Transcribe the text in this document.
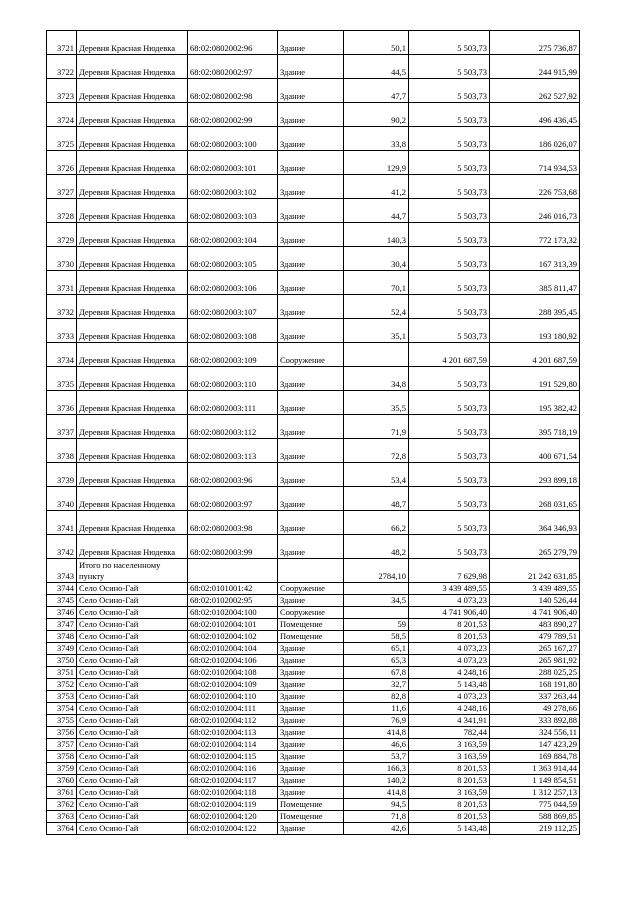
3721	Деревня Красная Нюдевка	68:02:0802002:96	Здание	50,1	5 503,73	275 736,87
3722	Деревня Красная Нюдевка	68:02:0802002:97	Здание	44,5	5 503,73	244 915,99
3723	Деревня Красная Нюдевка	68:02:0802002:98	Здание	47,7	5 503,73	262 527,92
3724	Деревня Красная Нюдевка	68:02:0802002:99	Здание	90,2	5 503,73	496 436,45
3725	Деревня Красная Нюдевка	68:02:0802003:100	Здание	33,8	5 503,73	186 026,07
3726	Деревня Красная Нюдевка	68:02:0802003:101	Здание	129,9	5 503,73	714 934,53
3727	Деревня Красная Нюдевка	68:02:0802003:102	Здание	41,2	5 503,73	226 753,68
3728	Деревня Красная Нюдевка	68:02:0802003:103	Здание	44,7	5 503,73	246 016,73
3729	Деревня Красная Нюдевка	68:02:0802003:104	Здание	140,3	5 503,73	772 173,32
3730	Деревня Красная Нюдевка	68:02:0802003:105	Здание	30,4	5 503,73	167 313,39
3731	Деревня Красная Нюдевка	68:02:0802003:106	Здание	70,1	5 503,73	385 811,47
3732	Деревня Красная Нюдевка	68:02:0802003:107	Здание	52,4	5 503,73	288 395,45
3733	Деревня Красная Нюдевка	68:02:0802003:108	Здание	35,1	5 503,73	193 180,92
3734	Деревня Красная Нюдевка	68:02:0802003:109	Сооружение		4 201 687,59	4 201 687,59
3735	Деревня Красная Нюдевка	68:02:0802003:110	Здание	34,8	5 503,73	191 529,80
3736	Деревня Красная Нюдевка	68:02:0802003:111	Здание	35,5	5 503,73	195 382,42
3737	Деревня Красная Нюдевка	68:02:0802003:112	Здание	71,9	5 503,73	395 718,19
3738	Деревня Красная Нюдевка	68:02:0802003:113	Здание	72,8	5 503,73	400 671,54
3739	Деревня Красная Нюдевка	68:02:0802003:96	Здание	53,4	5 503,73	293 899,18
3740	Деревня Красная Нюдевка	68:02:0802003:97	Здание	48,7	5 503,73	268 031,65
3741	Деревня Красная Нюдевка	68:02:0802003:98	Здание	66,2	5 503,73	364 346,93
3742	Деревня Красная Нюдевка	68:02:0802003:99	Здание	48,2	5 503,73	265 279,79
3743	Итого по населенному пункту			2784,10	7 629,98	21 242 631,85
3744	Село Осино-Гай	68:02:0101001:42	Сооружение		3 439 489,55	3 439 489,55
3745	Село Осино-Гай	68:02:0102002:95	Здание	34,5	4 073,23	140 526,44
3746	Село Осино-Гай	68:02:0102004:100	Сооружение		4 741 906,40	4 741 906,40
3747	Село Осино-Гай	68:02:0102004:101	Помещение	59	8 201,53	483 890,27
3748	Село Осино-Гай	68:02:0102004:102	Помещение	58,5	8 201,53	479 789,51
3749	Село Осино-Гай	68:02:0102004:104	Здание	65,1	4 073,23	265 167,27
3750	Село Осино-Гай	68:02:0102004:106	Здание	65,3	4 073,23	265 981,92
3751	Село Осино-Гай	68:02:0102004:108	Здание	67,8	4 248,16	288 025,25
3752	Село Осино-Гай	68:02:0102004:109	Здание	32,7	5 143,48	168 191,80
3753	Село Осино-Гай	68:02:0102004:110	Здание	82,8	4 073,23	337 263,44
3754	Село Осино-Гай	68:02:0102004:111	Здание	11,6	4 248,16	49 278,66
3755	Село Осино-Гай	68:02:0102004:112	Здание	76,9	4 341,91	333 892,88
3756	Село Осино-Гай	68:02:0102004:113	Здание	414,8	782,44	324 556,11
3757	Село Осино-Гай	68:02:0102004:114	Здание	46,6	3 163,59	147 423,29
3758	Село Осино-Гай	68:02:0102004:115	Здание	53,7	3 163,59	169 884,78
3759	Село Осино-Гай	68:02:0102004:116	Здание	166,3	8 201,53	1 363 914,44
3760	Село Осино-Гай	68:02:0102004:117	Здание	140,2	8 201,53	1 149 854,51
3761	Село Осино-Гай	68:02:0102004:118	Здание	414,8	3 163,59	1 312 257,13
3762	Село Осино-Гай	68:02:0102004:119	Помещение	94,5	8 201,53	775 044,59
3763	Село Осино-Гай	68:02:0102004:120	Помещение	71,8	8 201,53	588 869,85
3764	Село Осино-Гай	68:02:0102004:122	Здание	42,6	5 143,48	219 112,25
